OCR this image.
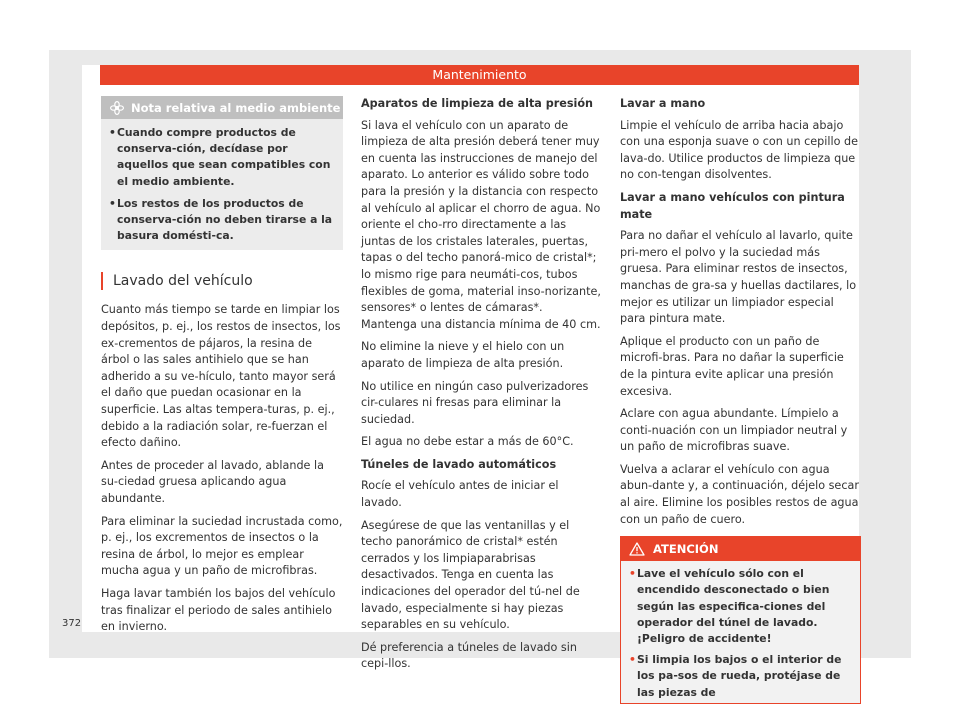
Mantenimiento
Nota relativa al medio ambiente
• Cuando compre productos de conserva-ción, decídase por aquellos que sean compatibles con el medio ambiente.
• Los restos de los productos de conserva-ción no deben tirarse a la basura domésti-ca.
Lavado del vehículo
Cuanto más tiempo se tarde en limpiar los depósitos, p. ej., los restos de insectos, los ex-crementos de pájaros, la resina de árbol o las sales antihielo que se han adherido a su ve-hículo, tanto mayor será el daño que puedan ocasionar en la superficie. Las altas tempera-turas, p. ej., debido a la radiación solar, re-fuerzan el efecto dañino.
Antes de proceder al lavado, ablande la su-ciedad gruesa aplicando agua abundante.
Para eliminar la suciedad incrustada como, p. ej., los excrementos de insectos o la resina de árbol, lo mejor es emplear mucha agua y un paño de microfibras.
Haga lavar también los bajos del vehículo tras finalizar el periodo de sales antihielo en invierno.
Aparatos de limpieza de alta presión
Si lava el vehículo con un aparato de limpieza de alta presión deberá tener muy en cuenta las instrucciones de manejo del aparato. Lo anterior es válido sobre todo para la presión y la distancia con respecto al vehículo al aplicar el chorro de agua. No oriente el cho-rro directamente a las juntas de los cristales laterales, puertas, tapas o del techo panorá-mico de cristal*; lo mismo rige para neumáti-cos, tubos flexibles de goma, material inso-norizante, sensores* o lentes de cámaras*. Mantenga una distancia mínima de 40 cm.
No elimine la nieve y el hielo con un aparato de limpieza de alta presión.
No utilice en ningún caso pulverizadores cir-culares ni fresas para eliminar la suciedad.
El agua no debe estar a más de 60°C.
Túneles de lavado automáticos
Rocíe el vehículo antes de iniciar el lavado.
Asegúrese de que las ventanillas y el techo panorámico de cristal* estén cerrados y los limpiaparabrisas desactivados. Tenga en cuenta las indicaciones del operador del tú-nel de lavado, especialmente si hay piezas separables en su vehículo.
Dé preferencia a túneles de lavado sin cepi-llos.
Lavar a mano
Limpie el vehículo de arriba hacia abajo con una esponja suave o con un cepillo de lava-do. Utilice productos de limpieza que no con-tengan disolventes.
Lavar a mano vehículos con pintura mate
Para no dañar el vehículo al lavarlo, quite pri-mero el polvo y la suciedad más gruesa. Para eliminar restos de insectos, manchas de gra-sa y huellas dactilares, lo mejor es utilizar un limpiador especial para pintura mate.
Aplique el producto con un paño de microfi-bras. Para no dañar la superficie de la pintura evite aplicar una presión excesiva.
Aclare con agua abundante. Límpielo a conti-nuación con un limpiador neutral y un paño de microfibras suave.
Vuelva a aclarar el vehículo con agua abun-dante y, a continuación, déjelo secar al aire. Elimine los posibles restos de agua con un paño de cuero.
ATENCIÓN
• Lave el vehículo sólo con el encendido desconectado o bien según las especifica-ciones del operador del túnel de lavado. ¡Peligro de accidente!
• Si limpia los bajos o el interior de los pa-sos de rueda, protéjase de las piezas de
372
